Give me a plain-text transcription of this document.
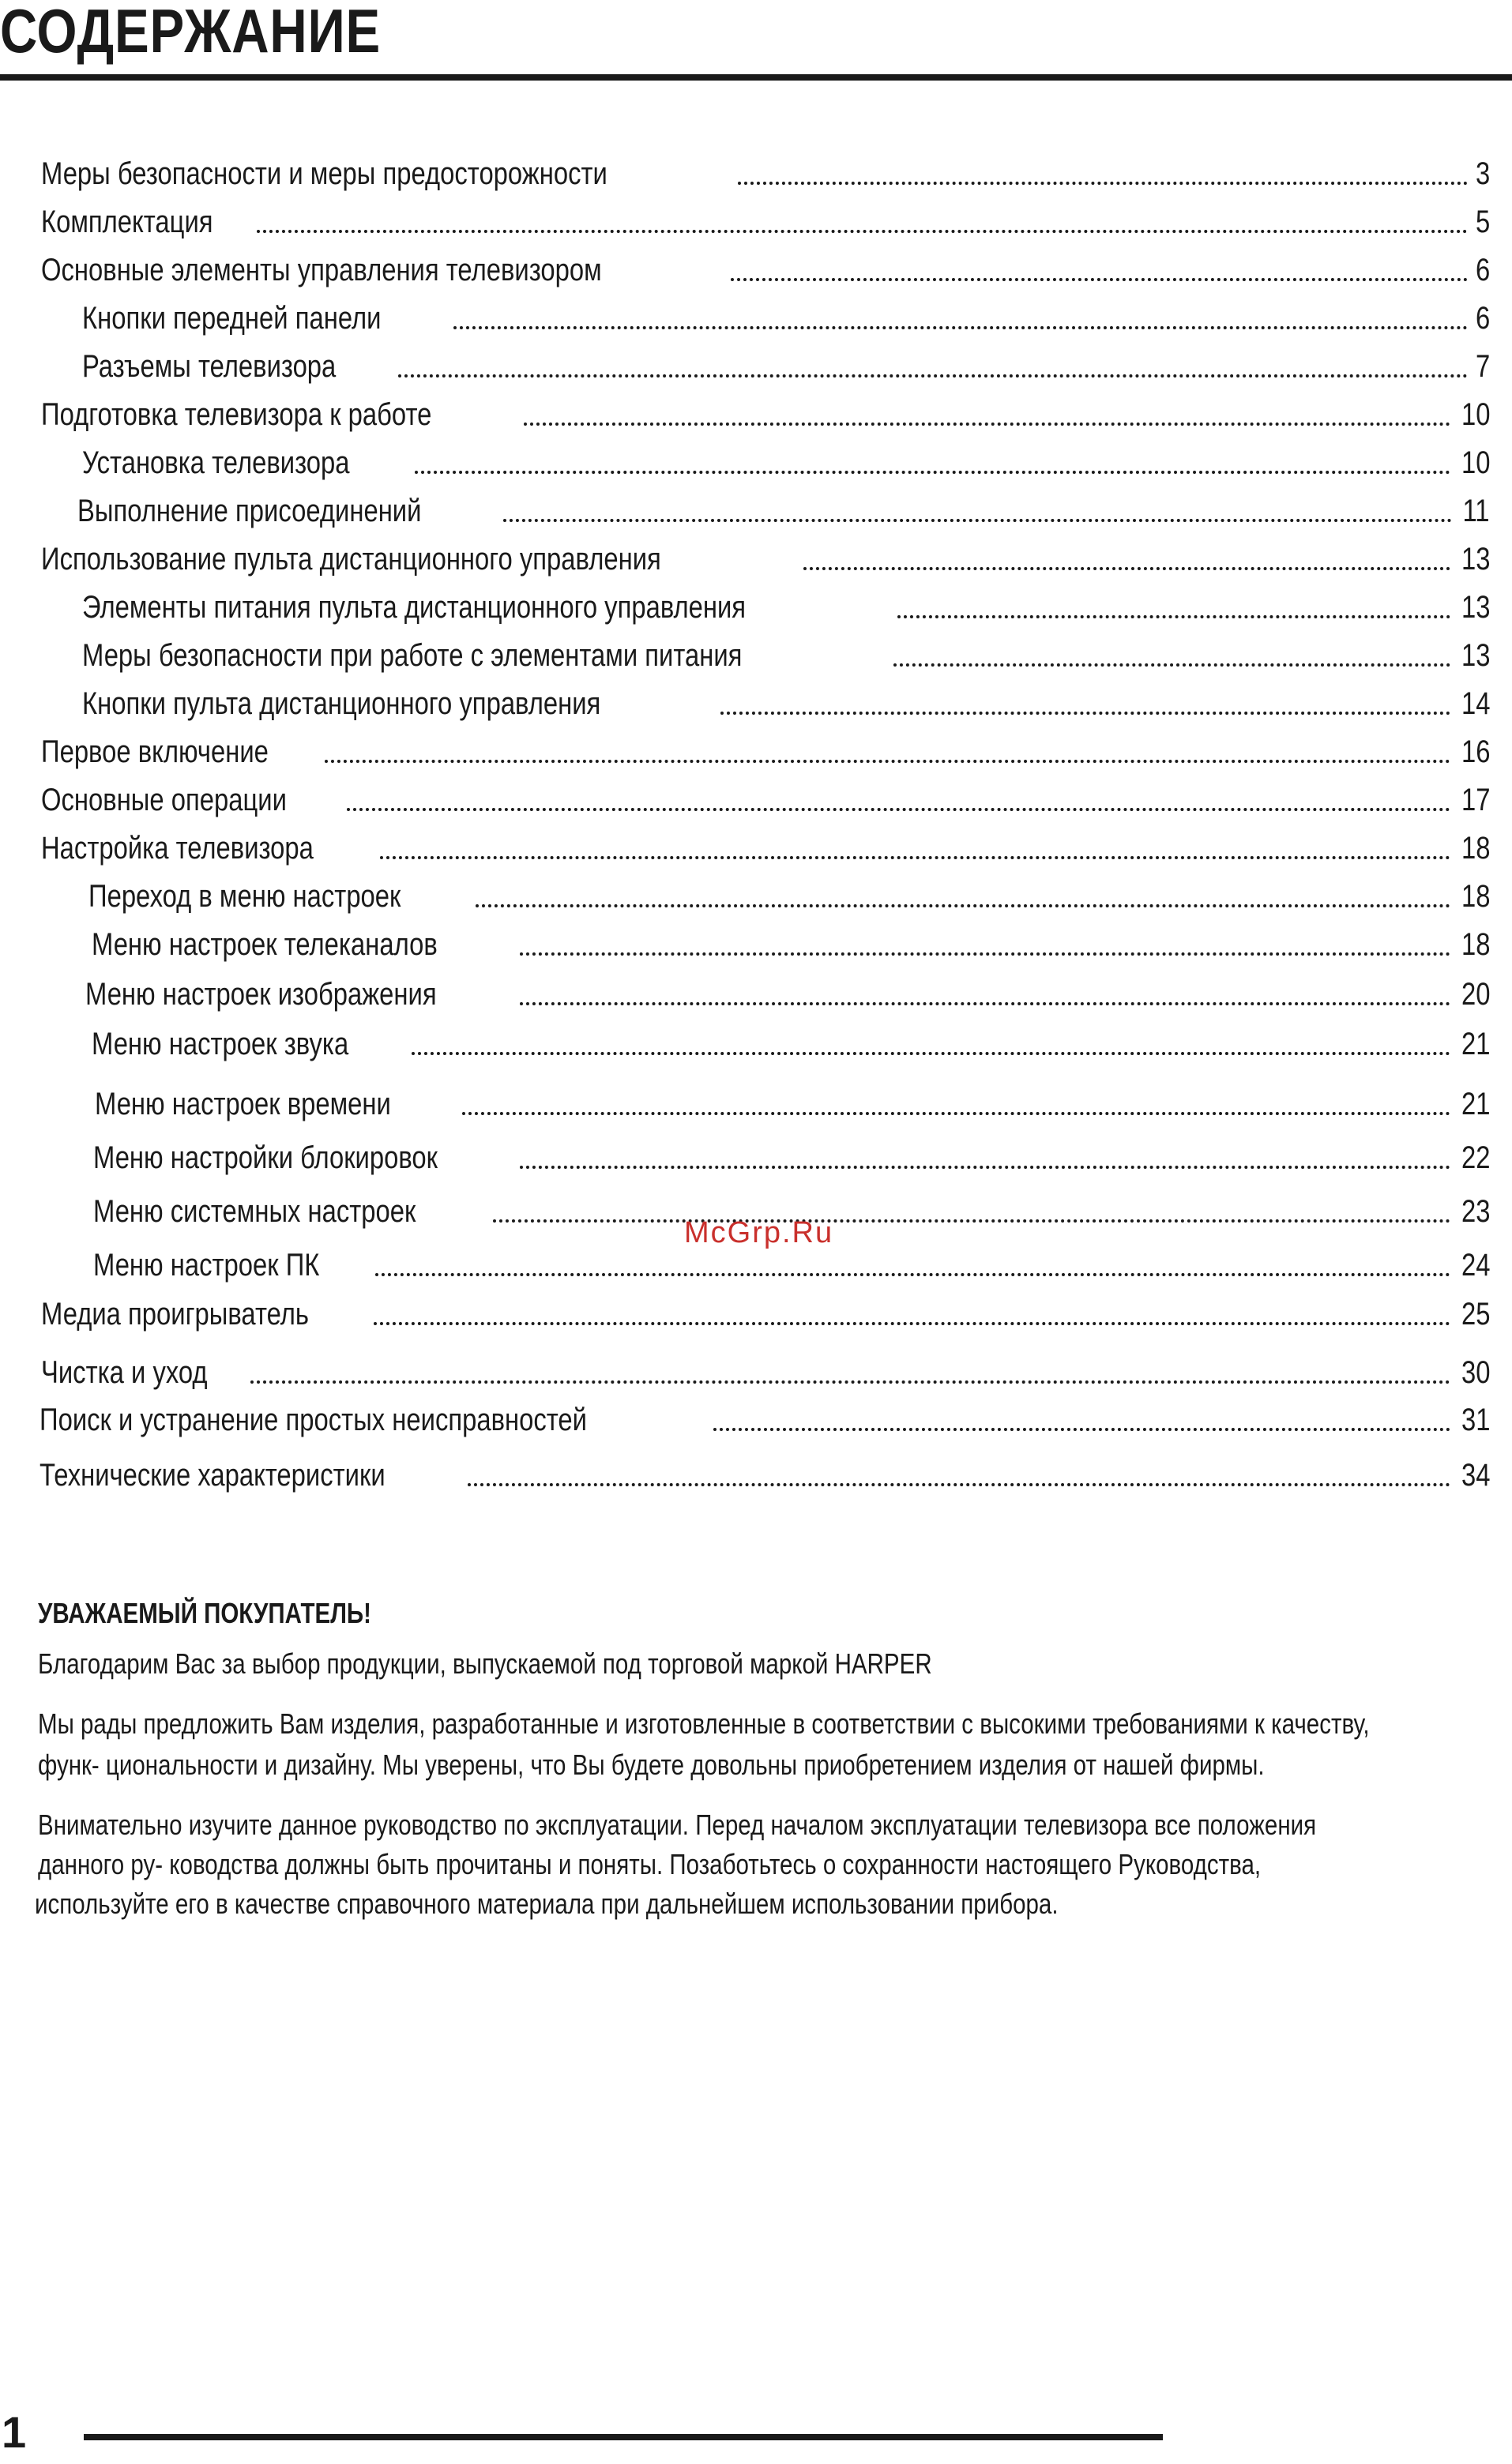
СОДЕРЖАНИЕ
Меры безопасности и меры предосторожности	3
Комплектация	5
Основные элементы управления телевизором	6
Кнопки передней панели	6
Разъемы телевизора	7
Подготовка телевизора к работе	10
Установка телевизора	10
Выполнение присоединений	11
Использование пульта дистанционного управления	13
Элементы питания пульта дистанционного управления	13
Меры безопасности при работе с элементами питания	13
Кнопки пульта дистанционного управления	14
Первое включение	16
Основные операции	17
Настройка телевизора	18
Переход в меню настроек	18
Меню настроек телеканалов	18
Меню настроек изображения	20
Меню настроек звука	21
Меню настроек времени	21
Меню настройки блокировок	22
Меню системных настроек	23
Меню настроек ПК	24
Медиа проигрыватель	25
Чистка и уход	30
Поиск и устранение простых неисправностей	31
Технические характеристики	34
McGrp.Ru
УВАЖАЕМЫЙ ПОКУПАТЕЛЬ!
Благодарим Вас за выбор продукции, выпускаемой под торговой маркой HARPER
Мы рады предложить Вам изделия, разработанные и изготовленные в соответствии с высокими требованиями к качеству,
функ- циональности и дизайну. Мы уверены, что Вы будете довольны приобретением изделия от нашей фирмы.
Внимательно изучите данное руководство по эксплуатации. Перед началом эксплуатации телевизора все положения
данного ру- ководства должны быть прочитаны и поняты. Позаботьтесь о сохранности настоящего Руководства,
используйте его в качестве справочного материала при дальнейшем использовании прибора.
1
